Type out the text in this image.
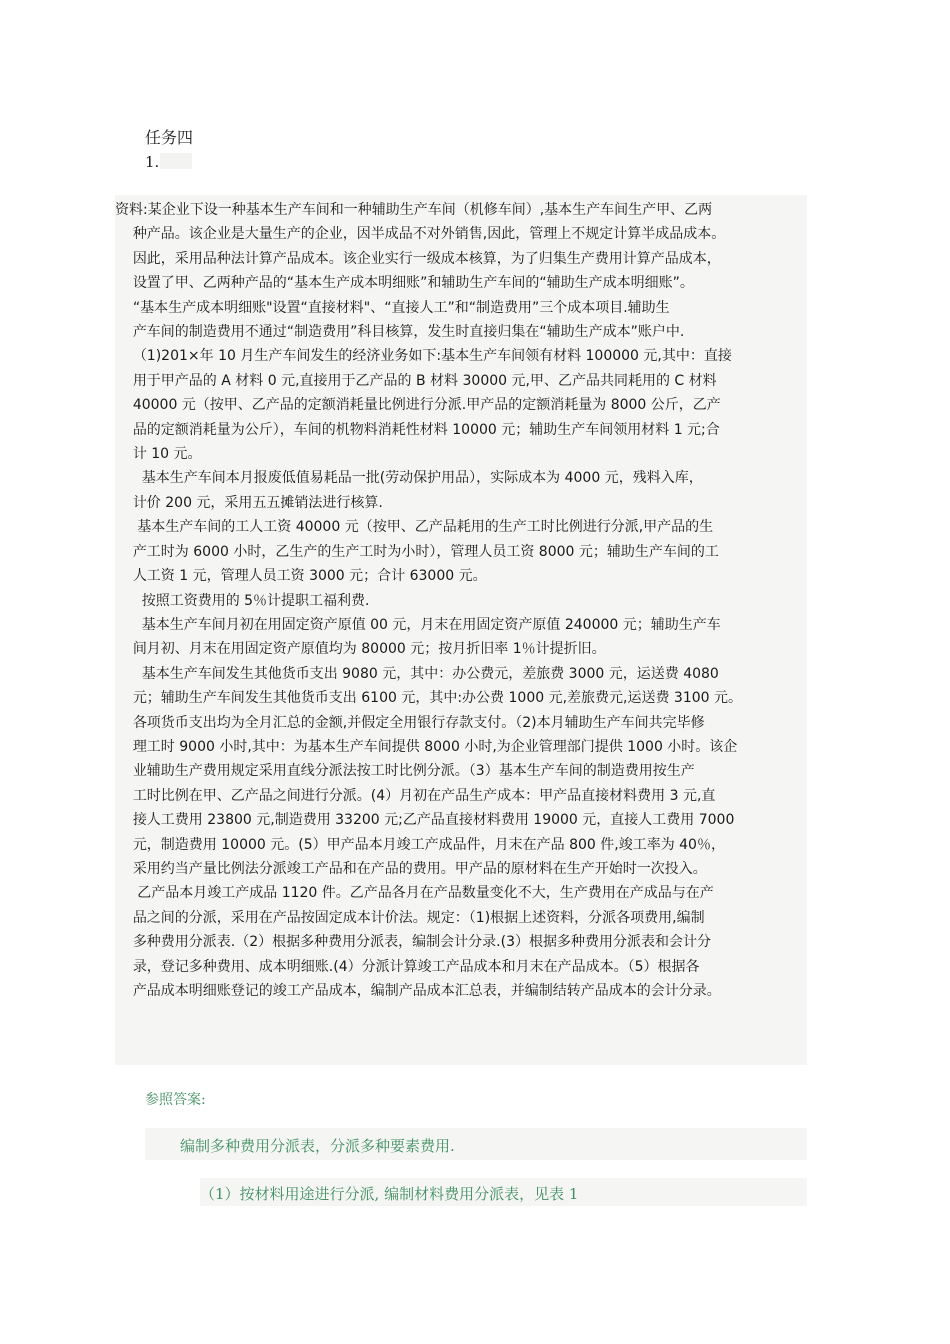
任务四
1.
资料:某企业下设一种基本生产车间和一种辅助生产车间（机修车间）,基本生产车间生产甲、乙两
种产品。该企业是大量生产的企业，因半成品不对外销售,因此，管理上不规定计算半成品成本。
因此，采用品种法计算产品成本。该企业实行一级成本核算，为了归集生产费用计算产品成本，
设置了甲、乙两种产品的“基本生产成本明细账”和辅助生产车间的“辅助生产成本明细账”。
“基本生产成本明细账"设置“直接材料"、“直接人工”和“制造费用”三个成本项目.辅助生
产车间的制造费用不通过“制造费用”科目核算，发生时直接归集在“辅助生产成本”账户中.
（1)201×年 10 月生产车间发生的经济业务如下:基本生产车间领有材料 100000 元,其中：直接
用于甲产品的 A 材料 0 元,直接用于乙产品的 B 材料 30000 元,甲、乙产品共同耗用的 C 材料
40000 元（按甲、乙产品的定额消耗量比例进行分派.甲产品的定额消耗量为 8000 公斤，乙产
品的定额消耗量为公斤），车间的机物料消耗性材料 10000 元；辅助生产车间领用材料 1 元;合
计 10 元。
基本生产车间本月报废低值易耗品一批(劳动保护用品），实际成本为 4000 元，残料入库，
计价 200 元，采用五五摊销法进行核算.
基本生产车间的工人工资 40000 元（按甲、乙产品耗用的生产工时比例进行分派,甲产品的生
产工时为 6000 小时，乙生产的生产工时为小时），管理人员工资 8000 元；辅助生产车间的工
人工资 1 元，管理人员工资 3000 元；合计 63000 元。
按照工资费用的 5％计提职工福利费.
基本生产车间月初在用固定资产原值 00 元，月末在用固定资产原值 240000 元；辅助生产车
间月初、月末在用固定资产原值均为 80000 元；按月折旧率 1％计提折旧。
基本生产车间发生其他货币支出 9080 元，其中：办公费元，差旅费 3000 元，运送费 4080
元；辅助生产车间发生其他货币支出 6100 元，其中:办公费 1000 元,差旅费元,运送费 3100 元。
各项货币支出均为全月汇总的金额,并假定全用银行存款支付。（2)本月辅助生产车间共完毕修
理工时 9000 小时,其中：为基本生产车间提供 8000 小时,为企业管理部门提供 1000 小时。该企
业辅助生产费用规定采用直线分派法按工时比例分派。（3）基本生产车间的制造费用按生产
工时比例在甲、乙产品之间进行分派。(4）月初在产品生产成本：甲产品直接材料费用 3 元,直
接人工费用 23800 元,制造费用 33200 元;乙产品直接材料费用 19000 元，直接人工费用 7000
元，制造费用 10000 元。(5）甲产品本月竣工产成品件，月末在产品 800 件,竣工率为 40％，
采用约当产量比例法分派竣工产品和在产品的费用。甲产品的原材料在生产开始时一次投入。
乙产品本月竣工产成品 1120 件。乙产品各月在产品数量变化不大，生产费用在产成品与在产
品之间的分派，采用在产品按固定成本计价法。规定：（1)根据上述资料，分派各项费用,编制
多种费用分派表.（2）根据多种费用分派表，编制会计分录.(3）根据多种费用分派表和会计分
录，登记多种费用、成本明细账.(4）分派计算竣工产品成本和月末在产品成本。（5）根据各
产品成本明细账登记的竣工产品成本，编制产品成本汇总表，并编制结转产品成本的会计分录。
参照答案:
编制多种费用分派表，分派多种要素费用.
（1）按材料用途进行分派, 编制材料费用分派表，见表 1
